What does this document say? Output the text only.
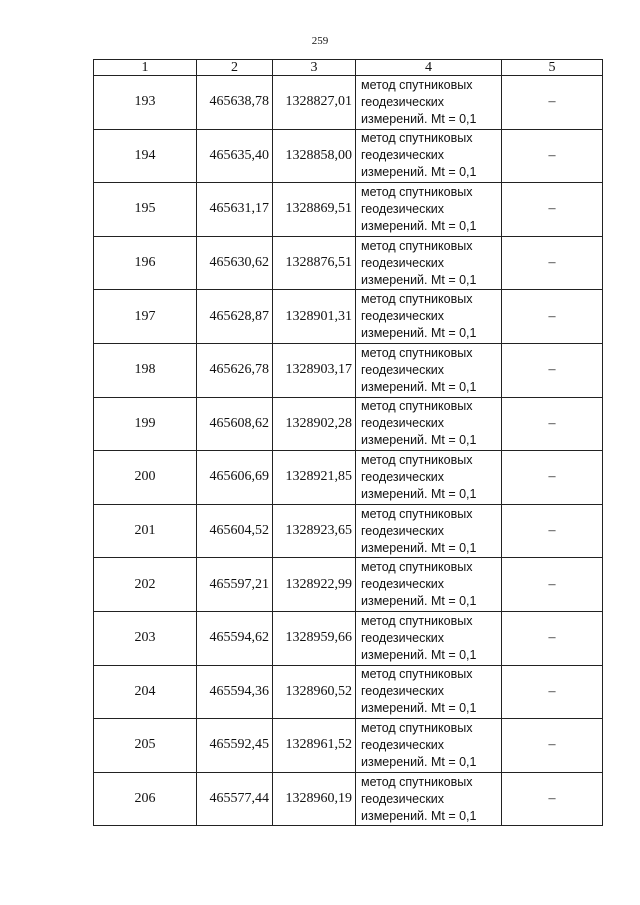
259
1	2	3	4	5
193	465638,78	1328827,01	метод спутниковых
геодезических
измерений. Mt = 0,1	–
194	465635,40	1328858,00	метод спутниковых
геодезических
измерений. Mt = 0,1	–
195	465631,17	1328869,51	метод спутниковых
геодезических
измерений. Mt = 0,1	–
196	465630,62	1328876,51	метод спутниковых
геодезических
измерений. Mt = 0,1	–
197	465628,87	1328901,31	метод спутниковых
геодезических
измерений. Mt = 0,1	–
198	465626,78	1328903,17	метод спутниковых
геодезических
измерений. Mt = 0,1	–
199	465608,62	1328902,28	метод спутниковых
геодезических
измерений. Mt = 0,1	–
200	465606,69	1328921,85	метод спутниковых
геодезических
измерений. Mt = 0,1	–
201	465604,52	1328923,65	метод спутниковых
геодезических
измерений. Mt = 0,1	–
202	465597,21	1328922,99	метод спутниковых
геодезических
измерений. Mt = 0,1	–
203	465594,62	1328959,66	метод спутниковых
геодезических
измерений. Mt = 0,1	–
204	465594,36	1328960,52	метод спутниковых
геодезических
измерений. Mt = 0,1	–
205	465592,45	1328961,52	метод спутниковых
геодезических
измерений. Mt = 0,1	–
206	465577,44	1328960,19	метод спутниковых
геодезических
измерений. Mt = 0,1	–
